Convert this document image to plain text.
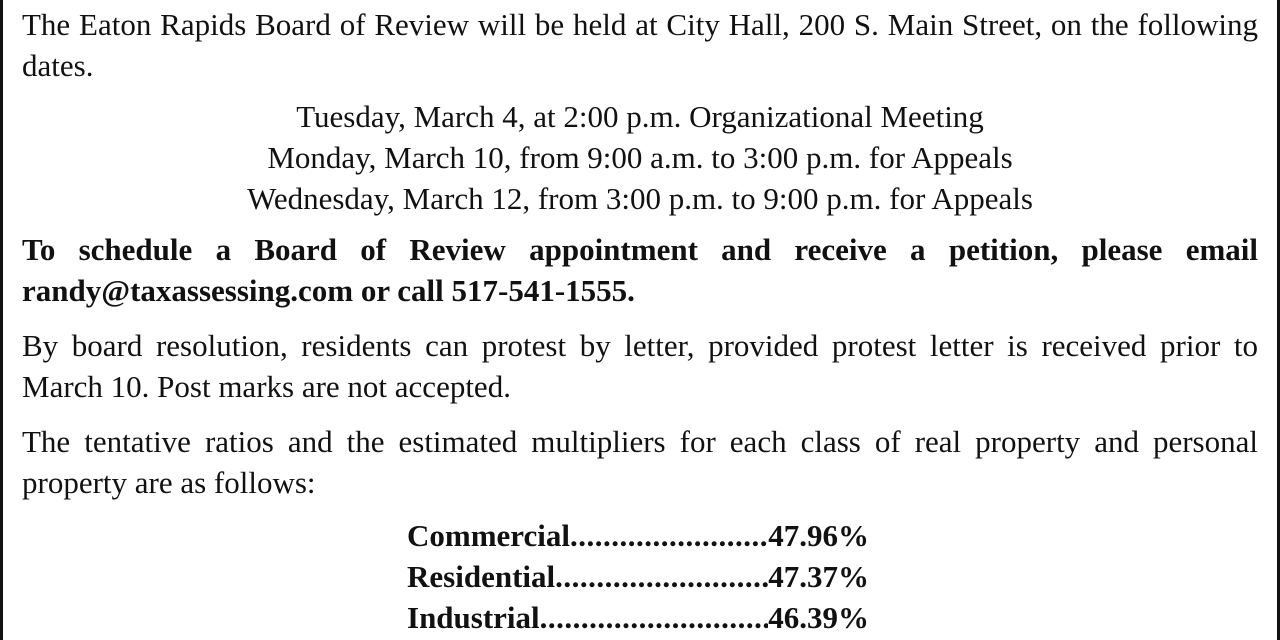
The Eaton Rapids Board of Review will be held at City Hall, 200 S. Main Street, on the following dates.

Tuesday, March 4, at 2:00 p.m. Organizational Meeting
Monday, March 10, from 9:00 a.m. to 3:00 p.m. for Appeals
Wednesday, March 12, from 3:00 p.m. to 9:00 p.m. for Appeals

To schedule a Board of Review appointment and receive a petition, please email randy@taxassessing.com or call 517-541-1555.

By board resolution, residents can protest by letter, provided protest letter is received prior to March 10. Post marks are not accepted.

The tentative ratios and the estimated multipliers for each class of real property and personal property are as follows:

Commercial .....	47.96%
Residential .....	47.37%
Industrial .....	46.39%
